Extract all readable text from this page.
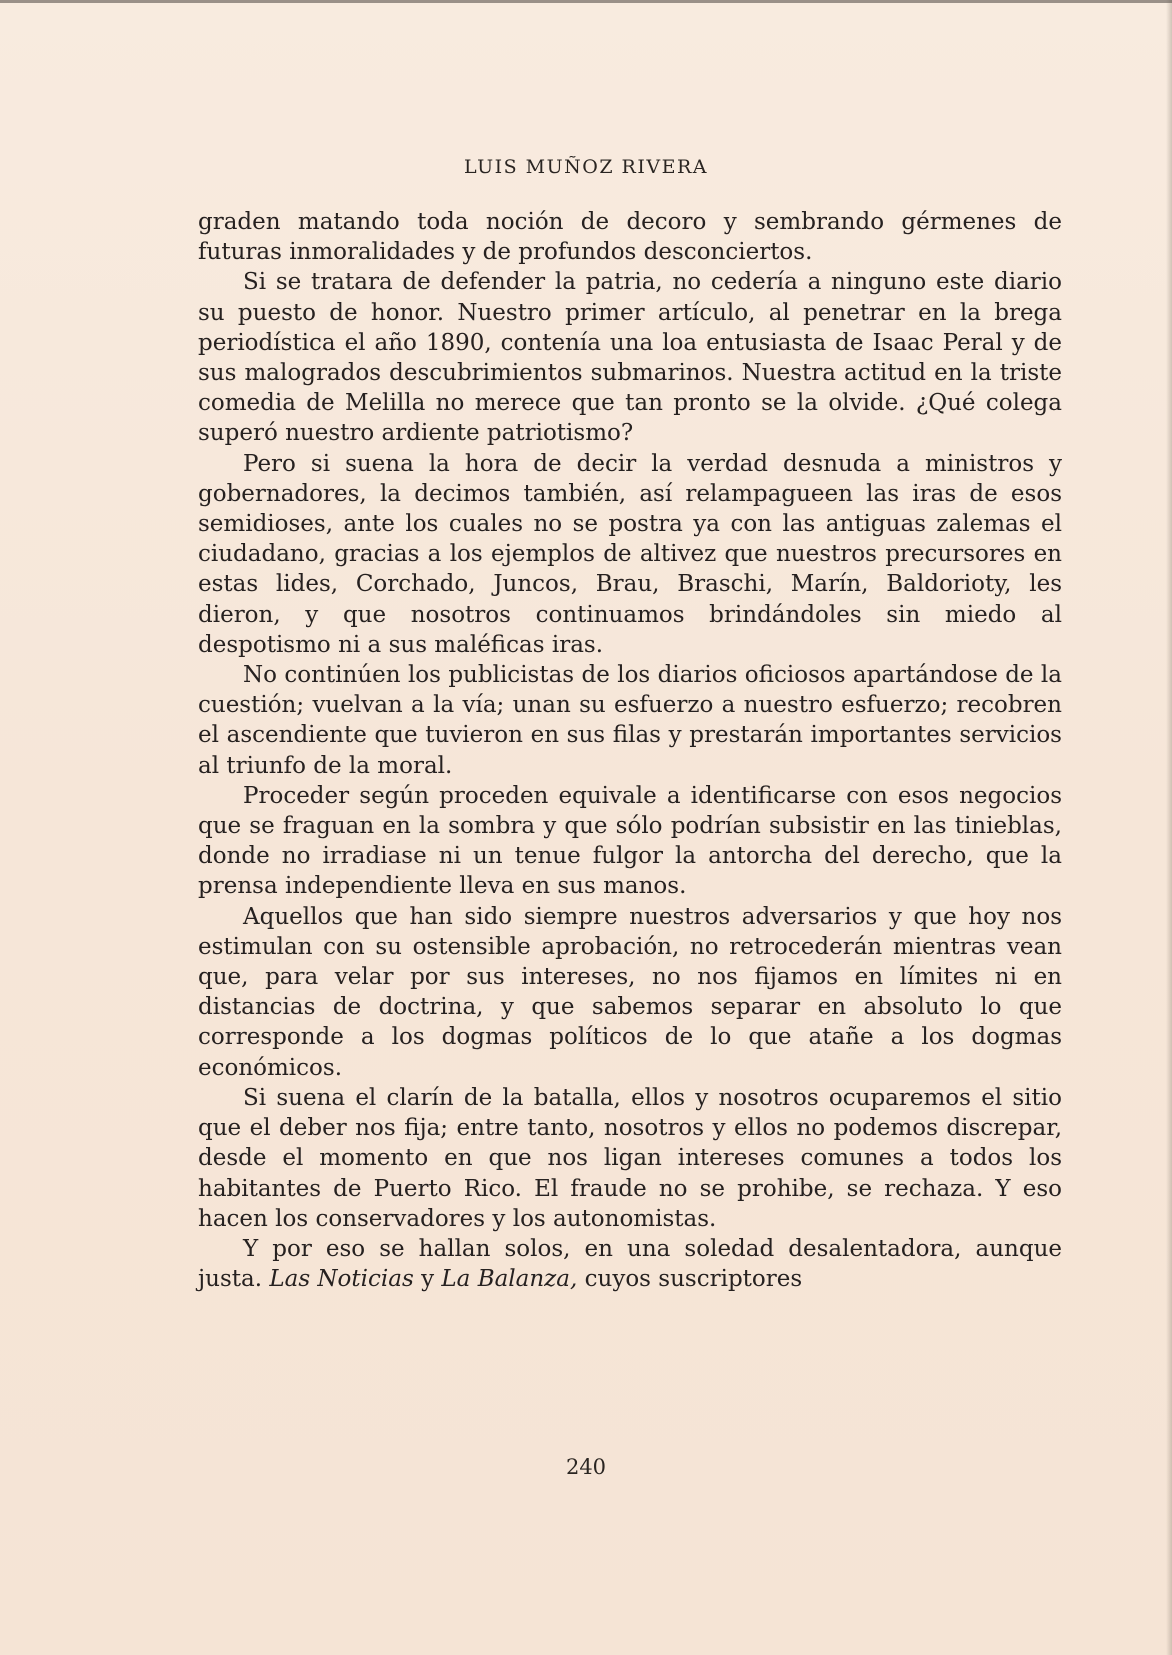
LUIS MUÑOZ RIVERA

graden matando toda noción de decoro y sembrando gérmenes de futuras inmoralidades y de profundos desconciertos.

Si se tratara de defender la patria, no cedería a ninguno este diario su puesto de honor. Nuestro primer artículo, al penetrar en la brega periodística el año 1890, contenía una loa entusiasta de Isaac Peral y de sus malogrados descubrimientos submarinos. Nuestra actitud en la triste comedia de Melilla no merece que tan pronto se la olvide. ¿Qué colega superó nuestro ardiente patriotismo?

Pero si suena la hora de decir la verdad desnuda a ministros y gobernadores, la decimos también, así relampagueen las iras de esos semidioses, ante los cuales no se postra ya con las antiguas zalemas el ciudadano, gracias a los ejemplos de altivez que nuestros precursores en estas lides, Corchado, Juncos, Brau, Braschi, Marín, Baldorioty, les dieron, y que nosotros continuamos brindándoles sin miedo al despotismo ni a sus maléficas iras.

No continúen los publicistas de los diarios oficiosos apartándose de la cuestión; vuelvan a la vía; unan su esfuerzo a nuestro esfuerzo; recobren el ascendiente que tuvieron en sus filas y prestarán importantes servicios al triunfo de la moral.

Proceder según proceden equivale a identificarse con esos negocios que se fraguan en la sombra y que sólo podrían subsistir en las tinieblas, donde no irradiase ni un tenue fulgor la antorcha del derecho, que la prensa independiente lleva en sus manos.

Aquellos que han sido siempre nuestros adversarios y que hoy nos estimulan con su ostensible aprobación, no retrocederán mientras vean que, para velar por sus intereses, no nos fijamos en límites ni en distancias de doctrina, y que sabemos separar en absoluto lo que corresponde a los dogmas políticos de lo que atañe a los dogmas económicos.

Si suena el clarín de la batalla, ellos y nosotros ocuparemos el sitio que el deber nos fija; entre tanto, nosotros y ellos no podemos discrepar, desde el momento en que nos ligan intereses comunes a todos los habitantes de Puerto Rico. El fraude no se prohibe, se rechaza. Y eso hacen los conservadores y los autonomistas.

Y por eso se hallan solos, en una soledad desalentadora, aunque justa. Las Noticias y La Balanza, cuyos suscriptores

240
